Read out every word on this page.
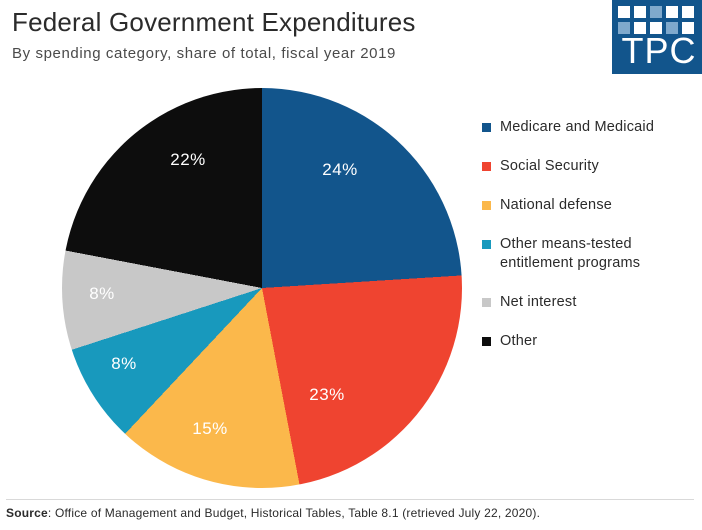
Federal Government Expenditures
By spending category, share of total, fiscal year 2019	TPC
24%
23%
15%
8%
8%
22%
Medicare and Medicaid
Social Security
National defense
Other means-tested entitlement programs
Net interest
Other
Source: Office of Management and Budget, Historical Tables, Table 8.1 (retrieved July 22, 2020).
